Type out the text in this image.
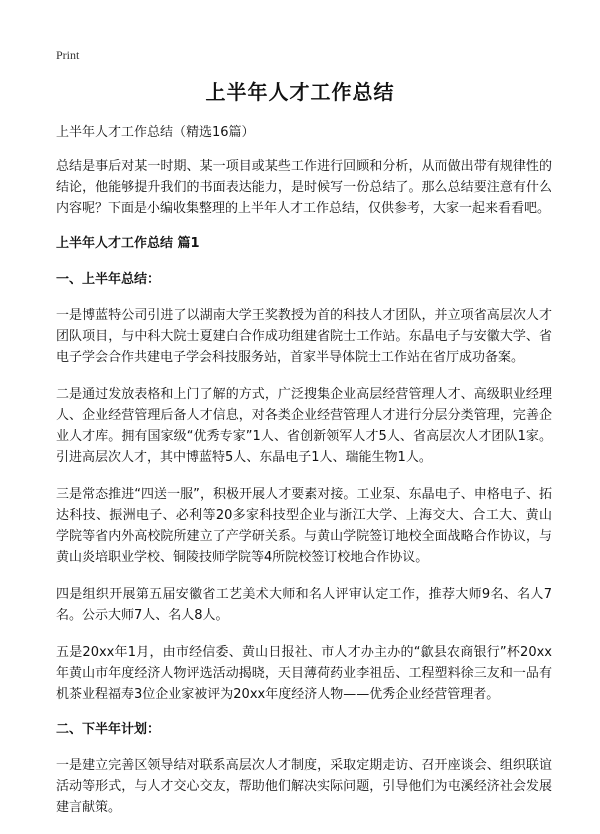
Print
上半年人才工作总结
上半年人才工作总结（精选16篇）

总结是事后对某一时期、某一项目或某些工作进行回顾和分析，从而做出带有规律性的结论，他能够提升我们的书面表达能力，是时候写一份总结了。那么总结要注意有什么内容呢？下面是小编收集整理的上半年人才工作总结，仅供参考，大家一起来看看吧。

上半年人才工作总结 篇1
一、上半年总结：

一是博蓝特公司引进了以湖南大学王奖教授为首的科技人才团队，并立项省高层次人才团队项目，与中科大院士夏建白合作成功组建省院士工作站。东晶电子与安徽大学、省电子学会合作共建电子学会科技服务站，首家半导体院士工作站在省厅成功备案。

二是通过发放表格和上门了解的方式，广泛搜集企业高层经营管理人才、高级职业经理人、企业经营管理后备人才信息，对各类企业经营管理人才进行分层分类管理，完善企业人才库。拥有国家级“优秀专家”1人、省创新领军人才5人、省高层次人才团队1家。引进高层次人才，其中博蓝特5人、东晶电子1人、瑞能生物1人。

三是常态推进“四送一服”，积极开展人才要素对接。工业泵、东晶电子、申格电子、拓达科技、振洲电子、必利等20多家科技型企业与浙江大学、上海交大、合工大、黄山学院等省内外高校院所建立了产学研关系。与黄山学院签订地校全面战略合作协议，与黄山炎培职业学校、铜陵技师学院等4所院校签订校地合作协议。

四是组织开展第五届安徽省工艺美术大师和名人评审认定工作，推荐大师9名、名人7名。公示大师7人、名人8人。

五是20xx年1月，由市经信委、黄山日报社、市人才办主办的“歙县农商银行”杯20xx年黄山市年度经济人物评选活动揭晓，天目薄荷药业李祖岳、工程塑料徐三友和一品有机茶业程福寿3位企业家被评为20xx年度经济人物——优秀企业经营管理者。

二、下半年计划：

一是建立完善区领导结对联系高层次人才制度，采取定期走访、召开座谈会、组织联谊活动等形式，与人才交心交友，帮助他们解决实际问题，引导他们为屯溪经济社会发展建言献策。
